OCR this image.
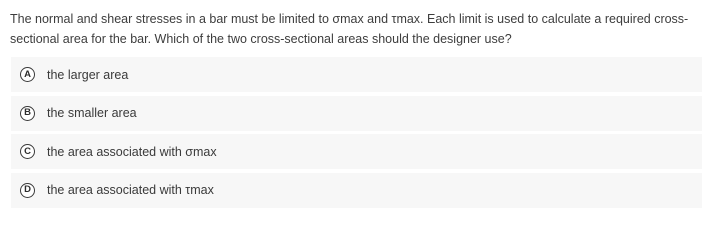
The normal and shear stresses in a bar must be limited to σmax and τmax. Each limit is used to calculate a required cross-sectional area for the bar. Which of the two cross-sectional areas should the designer use?

A	the larger area
B	the smaller area
C	the area associated with σmax
D	the area associated with τmax
